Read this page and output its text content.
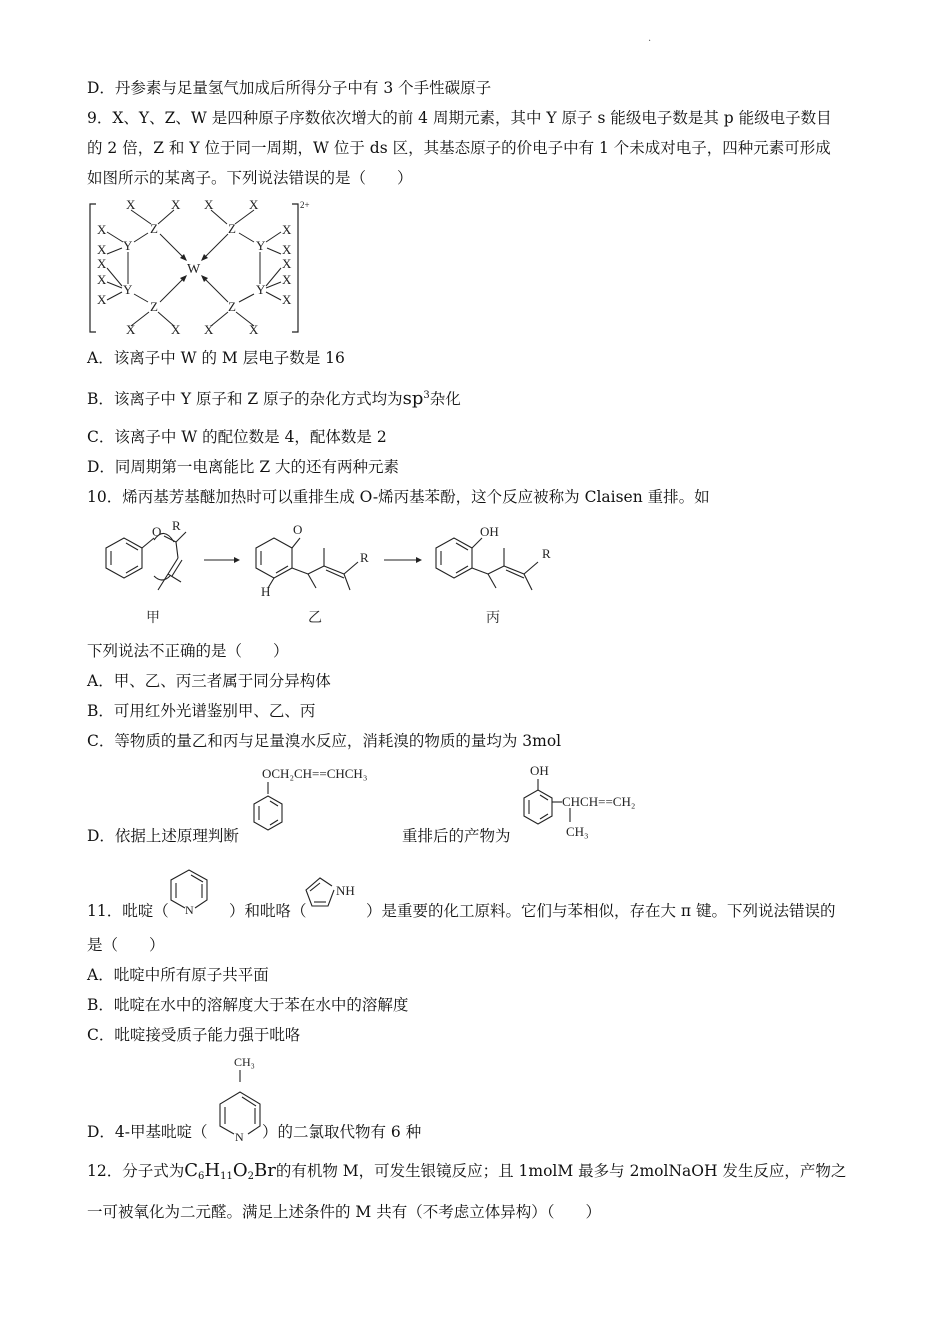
·
D．丹参素与足量氢气加成后所得分子中有 3 个手性碳原子
9．X、Y、Z、W 是四种原子序数依次增大的前 4 周期元素，其中 Y 原子 s 能级电子数是其 p 能级电子数目
的 2 倍，Z 和 Y 位于同一周期，W 位于 ds 区，其基态原子的价电子中有 1 个未成对电子，四种元素可形成
如图所示的某离子。下列说法错误的是（　　）
2+
X	X X	X
Z	Z
X	X
Y	Y
X	X
X	X
W
X	X
Y	Y
X	X
Z	Z
X	X X	X
A．该离子中 W 的 M 层电子数是 16
B．该离子中 Y 原子和 Z 原子的杂化方式均为$sp^3$杂化
C．该离子中 W 的配位数是 4，配体数是 2
D．同周期第一电离能比 Z 大的还有两种元素
10．烯丙基芳基醚加热时可以重排生成 O-烯丙基苯酚，这个反应被称为 Claisen 重排。如
O R	O
R
H
OH
R
甲	乙	丙
下列说法不正确的是（　　）
A．甲、乙、丙三者属于同分异构体
B．可用红外光谱鉴别甲、乙、丙
C．等物质的量乙和丙与足量溴水反应，消耗溴的物质的量均为 3mol
OCH₂CH==CHCH₃
D．依据上述原理判断	重排后的产物为
OH
CHCH==CH₂
CH₃
11．吡啶（ N ）和吡咯（
NH
）是重要的化工原料。它们与苯相似，存在大 π 键。下列说法错误的
是（　　）
A．吡啶中所有原子共平面
B．吡啶在水中的溶解度大于苯在水中的溶解度
C．吡啶接受质子能力强于吡咯
D．4-甲基吡啶（
CH₃
N ）的二氯取代物有 6 种
12．分子式为$C_6H_{11}O_2Br$的有机物 M，可发生银镜反应；且 1molM 最多与 2molNaOH 发生反应，产物之
一可被氧化为二元醛。满足上述条件的 M 共有（不考虑立体异构）（　　）
